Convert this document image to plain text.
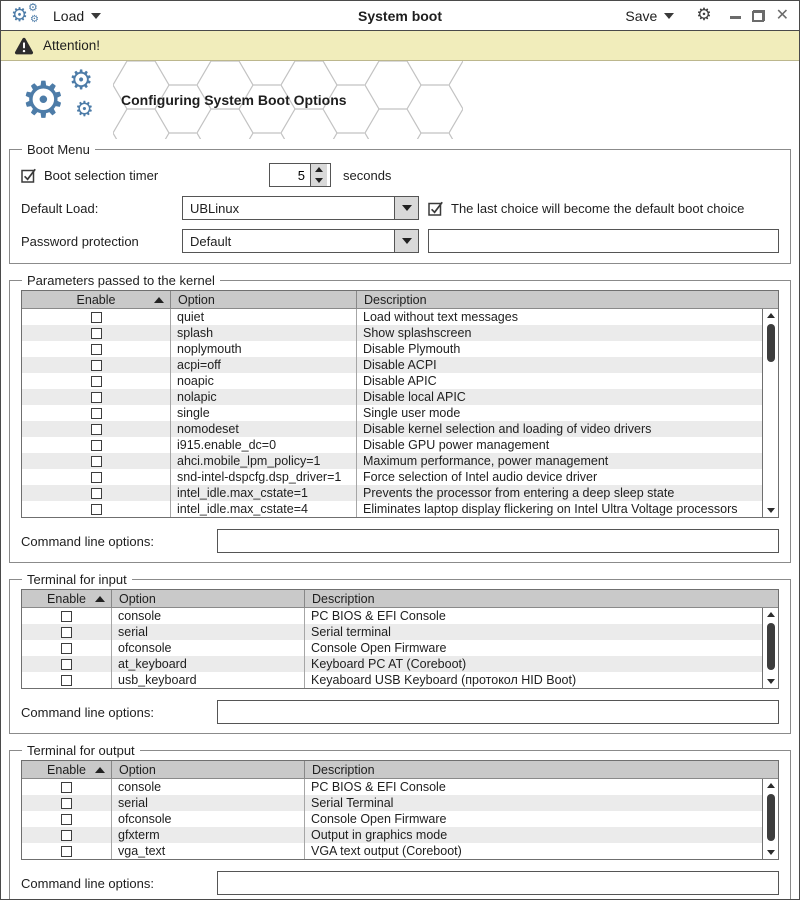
⚙ ⚙
⚙ Load	System boot	Save ⚙	✕
Attention!
⚙ ⚙
⚙ Configuring System Boot Options
Boot Menu
Boot selection timer
5	seconds
Default Load:	UBLinux	The last choice will become the default boot choice
Password protection	Default
Parameters passed to the kernel
Enable	Option	Description
quiet	Load without text messages
splash	Show splashscreen
noplymouth	Disable Plymouth
acpi=off	Disable ACPI
noapic	Disable APIC
nolapic	Disable local APIC
single	Single user mode
nomodeset	Disable kernel selection and loading of video drivers
i915.enable_dc=0	Disable GPU power management
ahci.mobile_lpm_policy=1	Maximum performance, power management
snd-intel-dspcfg.dsp_driver=1	Force selection of Intel audio device driver
intel_idle.max_cstate=1	Prevents the processor from entering a deep sleep state
intel_idle.max_cstate=4	Eliminates laptop display flickering on Intel Ultra Voltage processors
Command line options:
Terminal for input
Enable	Option	Description
console	PC BIOS & EFI Console
serial	Serial terminal
ofconsole	Console Open Firmware
at_keyboard	Keyboard PC AT (Coreboot)
usb_keyboard	Keyaboard USB Keyboard (протокол HID Boot)
Command line options:
Terminal for output
Enable	Option	Description
console	PC BIOS & EFI Console
serial	Serial Terminal
ofconsole	Console Open Firmware
gfxterm	Output in graphics mode
vga_text	VGA text output (Coreboot)
Command line options:
